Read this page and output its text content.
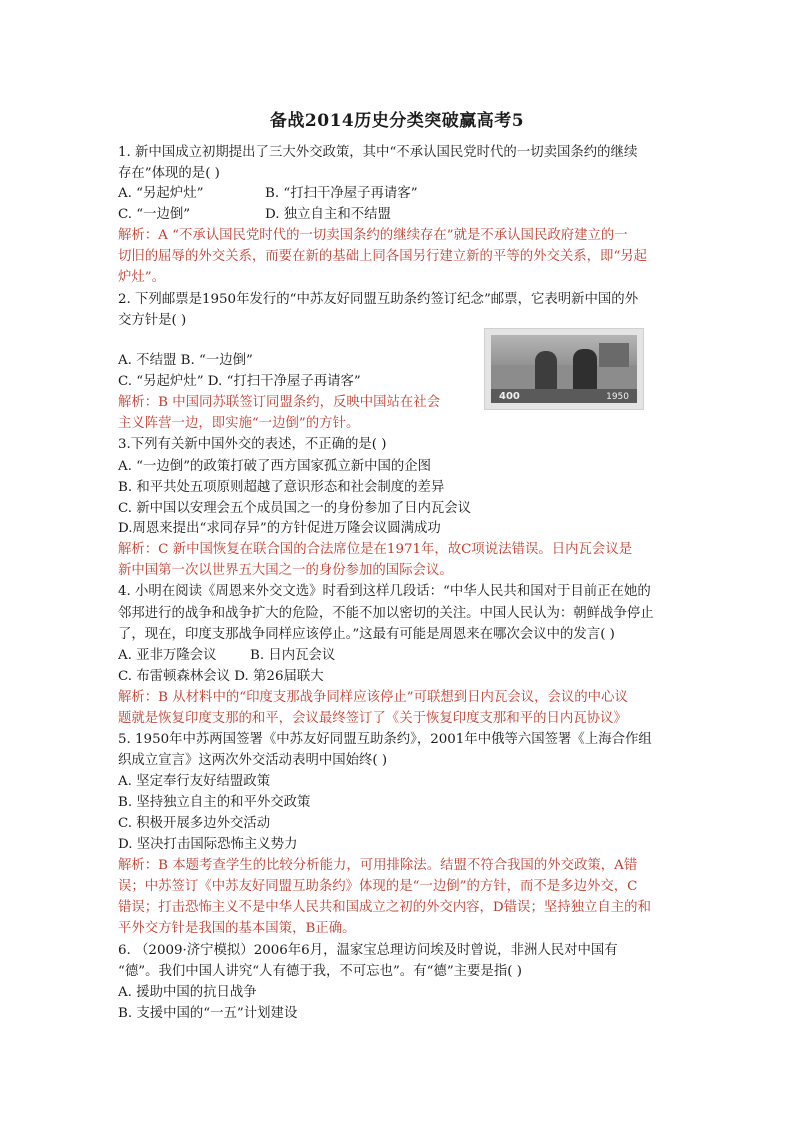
备战2014历史分类突破赢高考5
1. 新中国成立初期提出了三大外交政策，其中“不承认国民党时代的一切卖国条约的继续
存在”体现的是( )
A. “另起炉灶”	B. “打扫干净屋子再请客”
C. “一边倒”	D. 独立自主和不结盟
解析：A “不承认国民党时代的一切卖国条约的继续存在”就是不承认国民政府建立的一
切旧的屈辱的外交关系，而要在新的基础上同各国另行建立新的平等的外交关系，即“另起
炉灶”。
2. 下列邮票是1950年发行的“中苏友好同盟互助条约签订纪念”邮票，它表明新中国的外
交方针是( )
A. 不结盟 B. “一边倒”
C. “另起炉灶” D. “打扫干净屋子再请客”
解析：B 中国同苏联签订同盟条约，反映中国站在社会
主义阵营一边，即实施“一边倒”的方针。
3.下列有关新中国外交的表述，不正确的是( )
A. “一边倒”的政策打破了西方国家孤立新中国的企图
B. 和平共处五项原则超越了意识形态和社会制度的差异
C. 新中国以安理会五个成员国之一的身份参加了日内瓦会议
D.周恩来提出“求同存异”的方针促进万隆会议圆满成功
解析：C 新中国恢复在联合国的合法席位是在1971年，故C项说法错误。日内瓦会议是
新中国第一次以世界五大国之一的身份参加的国际会议。
4. 小明在阅读《周恩来外交文选》时看到这样几段话：“中华人民共和国对于目前正在她的
邻邦进行的战争和战争扩大的危险，不能不加以密切的关注。中国人民认为：朝鲜战争停止
了，现在，印度支那战争同样应该停止。”这最有可能是周恩来在哪次会议中的发言( )
A. 亚非万隆会议 B. 日内瓦会议
C. 布雷顿森林会议 D. 第26届联大
解析：B 从材料中的“印度支那战争同样应该停止”可联想到日内瓦会议，会议的中心议
题就是恢复印度支那的和平，会议最终签订了《关于恢复印度支那和平的日内瓦协议》
5. 1950年中苏两国签署《中苏友好同盟互助条约》，2001年中俄等六国签署《上海合作组
织成立宣言》这两次外交活动表明中国始终( )
A. 坚定奉行友好结盟政策
B. 坚持独立自主的和平外交政策
C. 积极开展多边外交活动
D. 坚决打击国际恐怖主义势力
解析：B 本题考查学生的比较分析能力，可用排除法。结盟不符合我国的外交政策，A错
误；中苏签订《中苏友好同盟互助条约》体现的是“一边倒”的方针，而不是多边外交，C
错误；打击恐怖主义不是中华人民共和国成立之初的外交内容，D错误；坚持独立自主的和
平外交方针是我国的基本国策，B正确。
6. （2009·济宁模拟）2006年6月，温家宝总理访问埃及时曾说，非洲人民对中国有
“德”。我们中国人讲究“人有德于我，不可忘也”。有“德”主要是指( )
A. 援助中国的抗日战争
B. 支援中国的“一五”计划建设
400	1950
